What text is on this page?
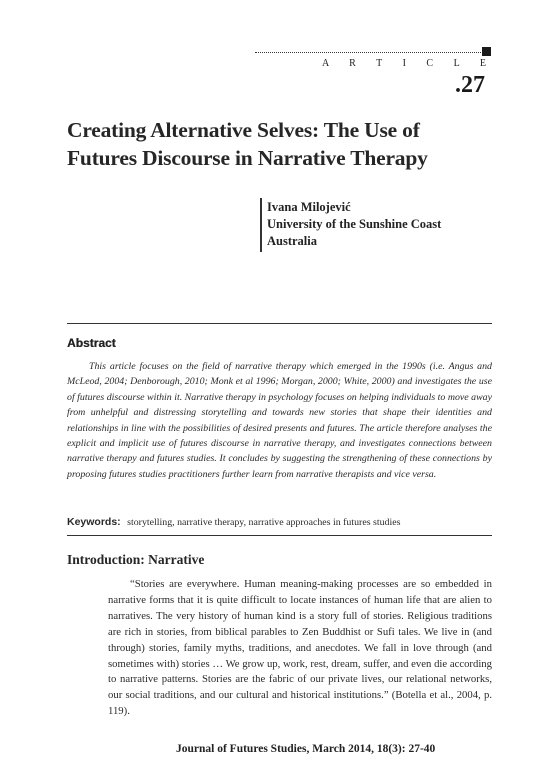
A R T I C L E
.27
Creating Alternative Selves: The Use of
Futures Discourse in Narrative Therapy
Ivana Milojević
University of the Sunshine Coast
Australia
Abstract
This article focuses on the field of narrative therapy which emerged in the 1990s (i.e. Angus and McLeod, 2004; Denborough, 2010; Monk et al 1996; Morgan, 2000; White, 2000) and investigates the use of futures discourse within it. Narrative therapy in psychology focuses on helping individuals to move away from unhelpful and distressing storytelling and towards new stories that shape their identities and relationships in line with the possibilities of desired presents and futures. The article therefore analyses the explicit and implicit use of futures discourse in narrative therapy, and investigates connections between narrative therapy and futures studies. It concludes by suggesting the strengthening of these connections by proposing futures studies practitioners further learn from narrative therapists and vice versa.
Keywords: storytelling, narrative therapy, narrative approaches in futures studies
Introduction: Narrative
“Stories are everywhere. Human meaning-making processes are so embedded in narrative forms that it is quite difficult to locate instances of human life that are alien to narratives. The very history of human kind is a story full of stories. Religious traditions are rich in stories, from biblical parables to Zen Buddhist or Sufi tales. We live in (and through) stories, family myths, traditions, and anecdotes. We fall in love through (and sometimes with) stories … We grow up, work, rest, dream, suffer, and even die according to narrative patterns. Stories are the fabric of our private lives, our relational networks, our social traditions, and our cultural and historical institutions.” (Botella et al., 2004, p. 119).
Journal of Futures Studies, March 2014, 18(3): 27-40
